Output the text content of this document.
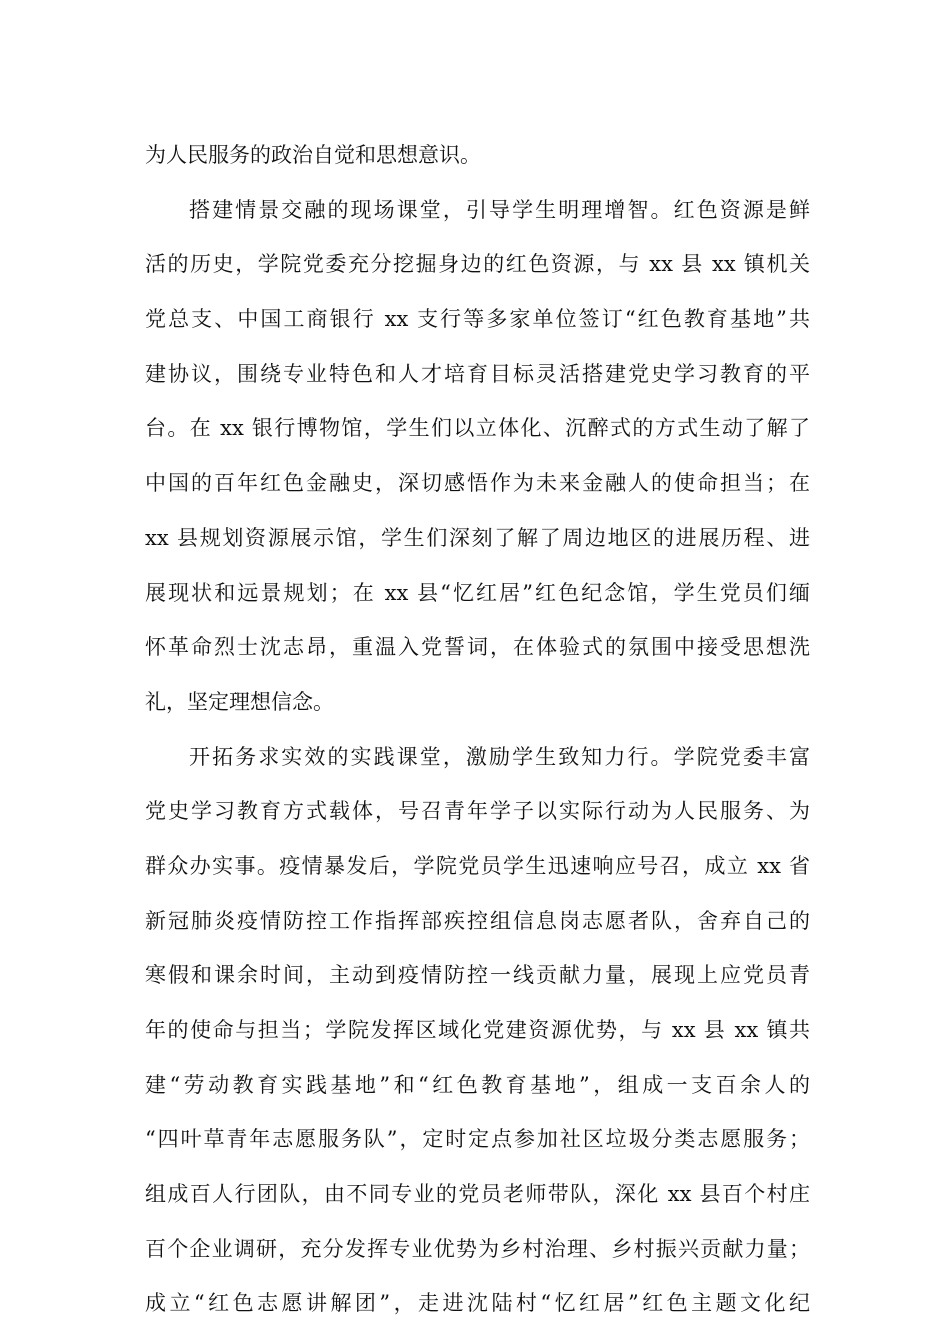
为人民服务的政治自觉和思想意识。
搭建情景交融的现场课堂，引导学生明理增智。红色资源是鲜
活的历史，学院党委充分挖掘身边的红色资源，与 xx 县 xx 镇机关
党总支、中国工商银行 xx 支行等多家单位签订“红色教育基地”共
建协议，围绕专业特色和人才培育目标灵活搭建党史学习教育的平
台。在 xx 银行博物馆，学生们以立体化、沉醉式的方式生动了解了
中国的百年红色金融史，深切感悟作为未来金融人的使命担当；在
xx 县规划资源展示馆，学生们深刻了解了周边地区的进展历程、进
展现状和远景规划；在 xx 县“忆红居”红色纪念馆，学生党员们缅
怀革命烈士沈志昂，重温入党誓词，在体验式的氛围中接受思想洗
礼，坚定理想信念。
开拓务求实效的实践课堂，激励学生致知力行。学院党委丰富
党史学习教育方式载体，号召青年学子以实际行动为人民服务、为
群众办实事。疫情暴发后，学院党员学生迅速响应号召，成立 xx 省
新冠肺炎疫情防控工作指挥部疾控组信息岗志愿者队，舍弃自己的
寒假和课余时间，主动到疫情防控一线贡献力量，展现上应党员青
年的使命与担当；学院发挥区域化党建资源优势，与 xx 县 xx 镇共
建“劳动教育实践基地”和“红色教育基地”，组成一支百余人的
“四叶草青年志愿服务队”，定时定点参加社区垃圾分类志愿服务；
组成百人行团队，由不同专业的党员老师带队，深化 xx 县百个村庄
百个企业调研，充分发挥专业优势为乡村治理、乡村振兴贡献力量；
成立“红色志愿讲解团”，走进沈陆村“忆红居”红色主题文化纪
